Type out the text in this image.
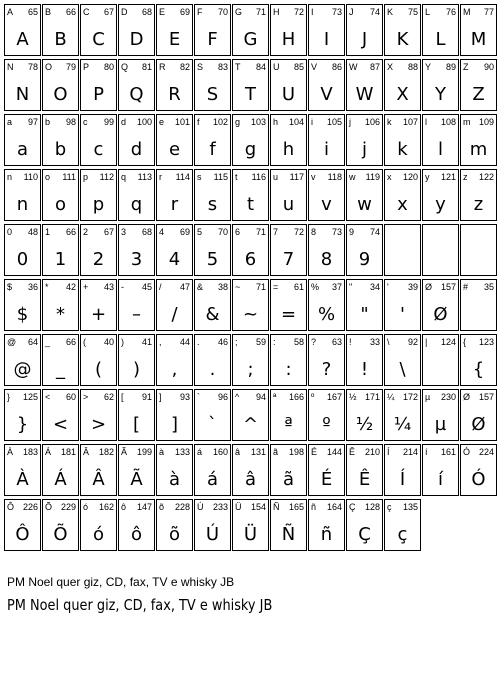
A 65
A
B 66
B
C 67
C
D 68
D
E 69
E
F 70
F
G 71
G
H 72
H
I 73
I
J 74
J
K 75
K
L 76
L
M 77
M
N 78
N
O 79
O
P 80
P
Q 81
Q
R 82
R
S 83
S
T 84
T
U 85
U
V 86
V
W 87
W
X 88
X
Y 89
Y
Z 90
Z
a 97
a
b 98
b
c 99
c
d 100
d
e 101
e
f 102
f
g 103
g
h 104
h
i 105
i
j 106
j
k 107
k
l 108
l
m 109
m
n 110
n
o 111
o
p 112
p
q 113
q
r 114
r
s 115
s
t 116
t
u 117
u
v 118
v
w 119
w
x 120
x
y 121
y
z 122
z
0 48
0
1 66
1
2 67
2
3 68
3
4 69
4
5 70
5
6 71
6
7 72
7
8 73
8
9 74
9
$ 36
$
* 42
*
+ 43
+
- 45
–
/ 47
/
& 38
&
~ 71
~
= 61
=
% 37
%
" 34
"
' 39
'
Ø 157
Ø
# 35
@ 64
@
_ 66
_
( 40
(
) 41
)
, 44
,
. 46
.
; 59
;
: 58
:
? 63
?
! 33
!
\ 92
\
| 124 { 123
{
} 125
}
< 60
<
> 62
>
[ 91
[
] 93
]
` 96
`
^ 94
^
ª 166
ª
º 167
º
½ 171
½
¼ 172
¼
µ 230
µ
Ø 157
Ø
À 183
À
Á 181
Á
Â 182
Â
Ã 199
Ã
à 133
à
á 160
á
â 131
â
ã 198
ã
É 144
É
Ê 210
Ê
Í 214
Í
í 161
í
Ó 224
Ó
Ô 226
Ô
Õ 229
Õ
ó 162
ó
ô 147
ô
õ 228
õ
Ú 233
Ú
Ü 154
Ü
Ñ 165
Ñ
ñ 164
ñ
Ç 128
Ç
ç 135
ç
PM Noel quer giz, CD, fax, TV e whisky JB
PM Noel quer giz, CD, fax, TV e whisky JB
